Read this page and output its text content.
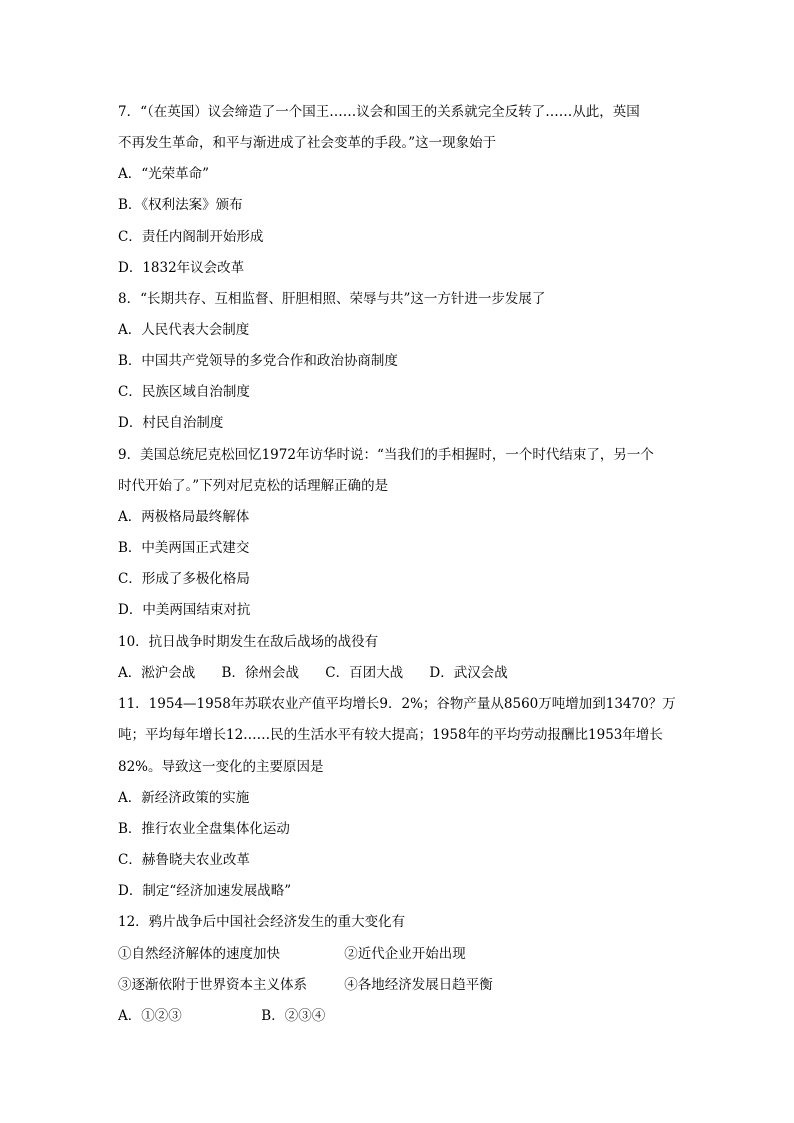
7．“（在英国）议会缔造了一个国王……议会和国王的关系就完全反转了……从此，英国
不再发生革命，和平与渐进成了社会变革的手段。”这一现象始于
A．“光荣革命”
B．《权利法案》颁布
C．责任内阁制开始形成
D．1832年议会改革
8．“长期共存、互相监督、肝胆相照、荣辱与共”这一方针进一步发展了
A．人民代表大会制度
B．中国共产党领导的多党合作和政治协商制度
C．民族区域自治制度
D．村民自治制度
9．美国总统尼克松回忆1972年访华时说：“当我们的手相握时，一个时代结束了，另一个
时代开始了。”下列对尼克松的话理解正确的是
A．两极格局最终解体
B．中美两国正式建交
C．形成了多极化格局
D．中美两国结束对抗
10．抗日战争时期发生在敌后战场的战役有
A．淞沪会战 B．徐州会战 C．百团大战 D．武汉会战
11．1954—1958年苏联农业产值平均增长9．2%；谷物产量从8560万吨增加到13470？万
吨；平均每年增长12……民的生活水平有较大提高；1958年的平均劳动报酬比1953年增长
82%。导致这一变化的主要原因是
A．新经济政策的实施
B．推行农业全盘集体化运动
C．赫鲁晓夫农业改革
D．制定“经济加速发展战略”
12．鸦片战争后中国社会经济发生的重大变化有
①自然经济解体的速度加快	②近代企业开始出现
③逐渐依附于世界资本主义体系	④各地经济发展日趋平衡
A．①②③	B．②③④
